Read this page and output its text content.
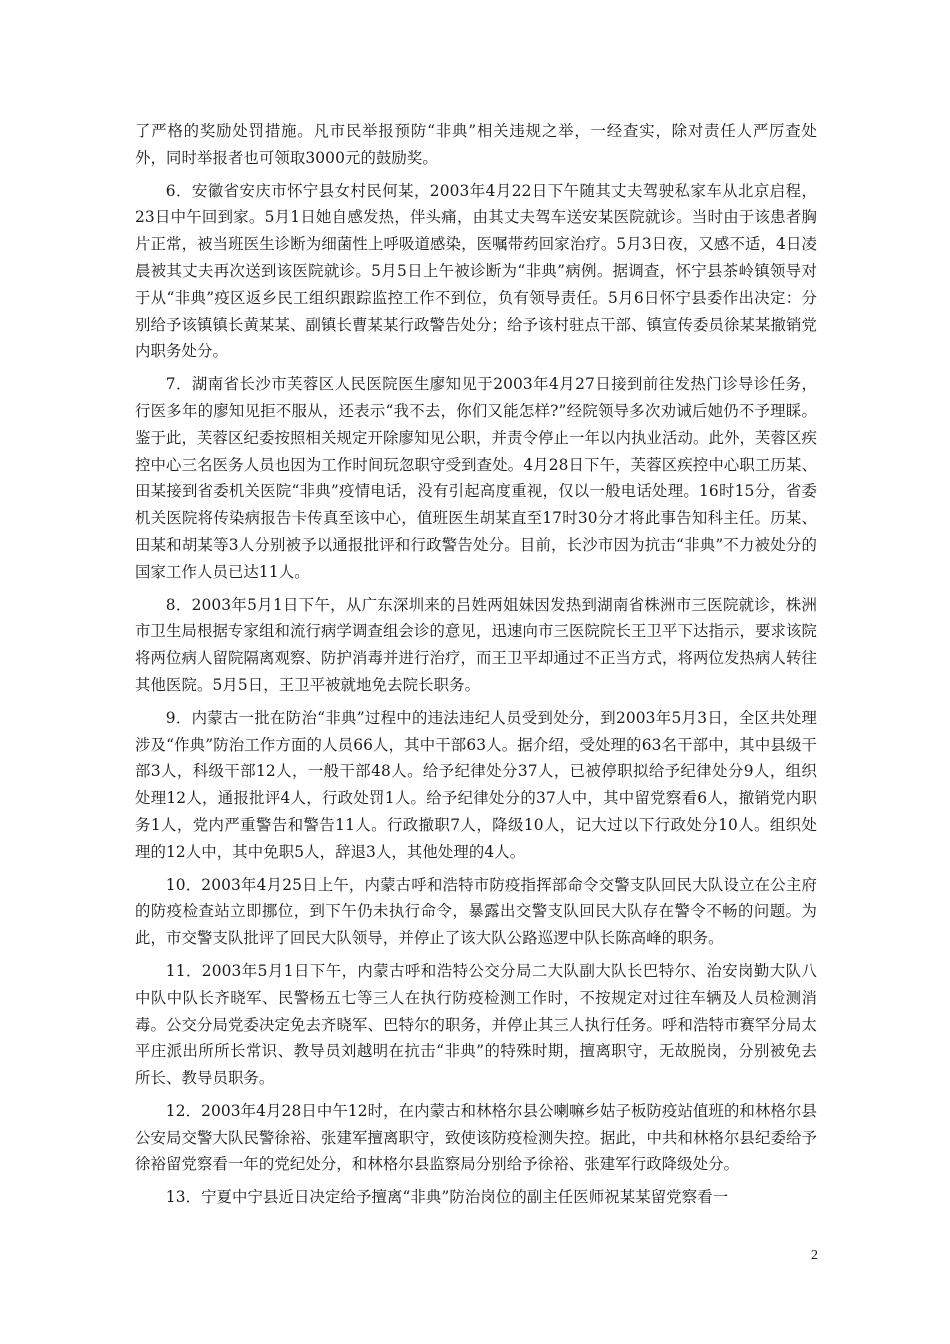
了严格的奖励处罚措施。凡市民举报预防“非典”相关违规之举，一经查实，除对责任人严厉查处外，同时举报者也可领取3000元的鼓励奖。

6．安徽省安庆市怀宁县女村民何某，2003年4月22日下午随其丈夫驾驶私家车从北京启程，23日中午回到家。5月1日她自感发热，伴头痛，由其丈夫驾车送安某医院就诊。当时由于该患者胸片正常，被当班医生诊断为细菌性上呼吸道感染，医嘱带药回家治疗。5月3日夜，又感不适，4日凌晨被其丈夫再次送到该医院就诊。5月5日上午被诊断为“非典”病例。据调查，怀宁县茶岭镇领导对于从“非典”疫区返乡民工组织跟踪监控工作不到位，负有领导责任。5月6日怀宁县委作出决定：分别给予该镇镇长黄某某、副镇长曹某某行政警告处分；给予该村驻点干部、镇宣传委员徐某某撤销党内职务处分。

7．湖南省长沙市芙蓉区人民医院医生廖知见于2003年4月27日接到前往发热门诊导诊任务，行医多年的廖知见拒不服从，还表示“我不去，你们又能怎样?”经院领导多次劝诫后她仍不予理睬。鉴于此，芙蓉区纪委按照相关规定开除廖知见公职，并责令停止一年以内执业活动。此外，芙蓉区疾控中心三名医务人员也因为工作时间玩忽职守受到查处。4月28日下午，芙蓉区疾控中心职工历某、田某接到省委机关医院“非典”疫情电话，没有引起高度重视，仅以一般电话处理。16时15分，省委机关医院将传染病报告卡传真至该中心，值班医生胡某直至17时30分才将此事告知科主任。历某、田某和胡某等3人分别被予以通报批评和行政警告处分。目前，长沙市因为抗击“非典”不力被处分的国家工作人员已达11人。

8．2003年5月1日下午，从广东深圳来的吕姓两姐妹因发热到湖南省株洲市三医院就诊，株洲市卫生局根据专家组和流行病学调查组会诊的意见，迅速向市三医院院长王卫平下达指示，要求该院将两位病人留院隔离观察、防护消毒并进行治疗，而王卫平却通过不正当方式，将两位发热病人转往其他医院。5月5日，王卫平被就地免去院长职务。

9．内蒙古一批在防治“非典”过程中的违法违纪人员受到处分，到2003年5月3日，全区共处理涉及“作典”防治工作方面的人员66人，其中干部63人。据介绍，受处理的63名干部中，其中县级干部3人，科级干部12人，一般干部48人。给予纪律处分37人，已被停职拟给予纪律处分9人，组织处理12人，通报批评4人，行政处罚1人。给予纪律处分的37人中，其中留党察看6人，撤销党内职务1人，党内严重警告和警告11人。行政撤职7人，降级10人，记大过以下行政处分10人。组织处理的12人中，其中免职5人，辞退3人，其他处理的4人。

10．2003年4月25日上午，内蒙古呼和浩特市防疫指挥部命令交警支队回民大队设立在公主府的防疫检查站立即挪位，到下午仍未执行命令，暴露出交警支队回民大队存在警令不畅的问题。为此，市交警支队批评了回民大队领导，并停止了该大队公路巡逻中队长陈高峰的职务。

11．2003年5月1日下午，内蒙古呼和浩特公交分局二大队副大队长巴特尔、治安岗勤大队八中队中队长齐晓军、民警杨五七等三人在执行防疫检测工作时，不按规定对过往车辆及人员检测消毒。公交分局党委决定免去齐晓军、巴特尔的职务，并停止其三人执行任务。呼和浩特市赛罕分局太平庄派出所所长常识、教导员刘越明在抗击“非典”的特殊时期，擅离职守，无故脱岗，分别被免去所长、教导员职务。

12．2003年4月28日中午12时，在内蒙古和林格尔县公喇嘛乡姑子板防疫站值班的和林格尔县公安局交警大队民警徐裕、张建军擅离职守，致使该防疫检测失控。据此，中共和林格尔县纪委给予徐裕留党察看一年的党纪处分，和林格尔县监察局分别给予徐裕、张建军行政降级处分。

13．宁夏中宁县近日决定给予擅离“非典”防治岗位的副主任医师祝某某留党察看一

2
